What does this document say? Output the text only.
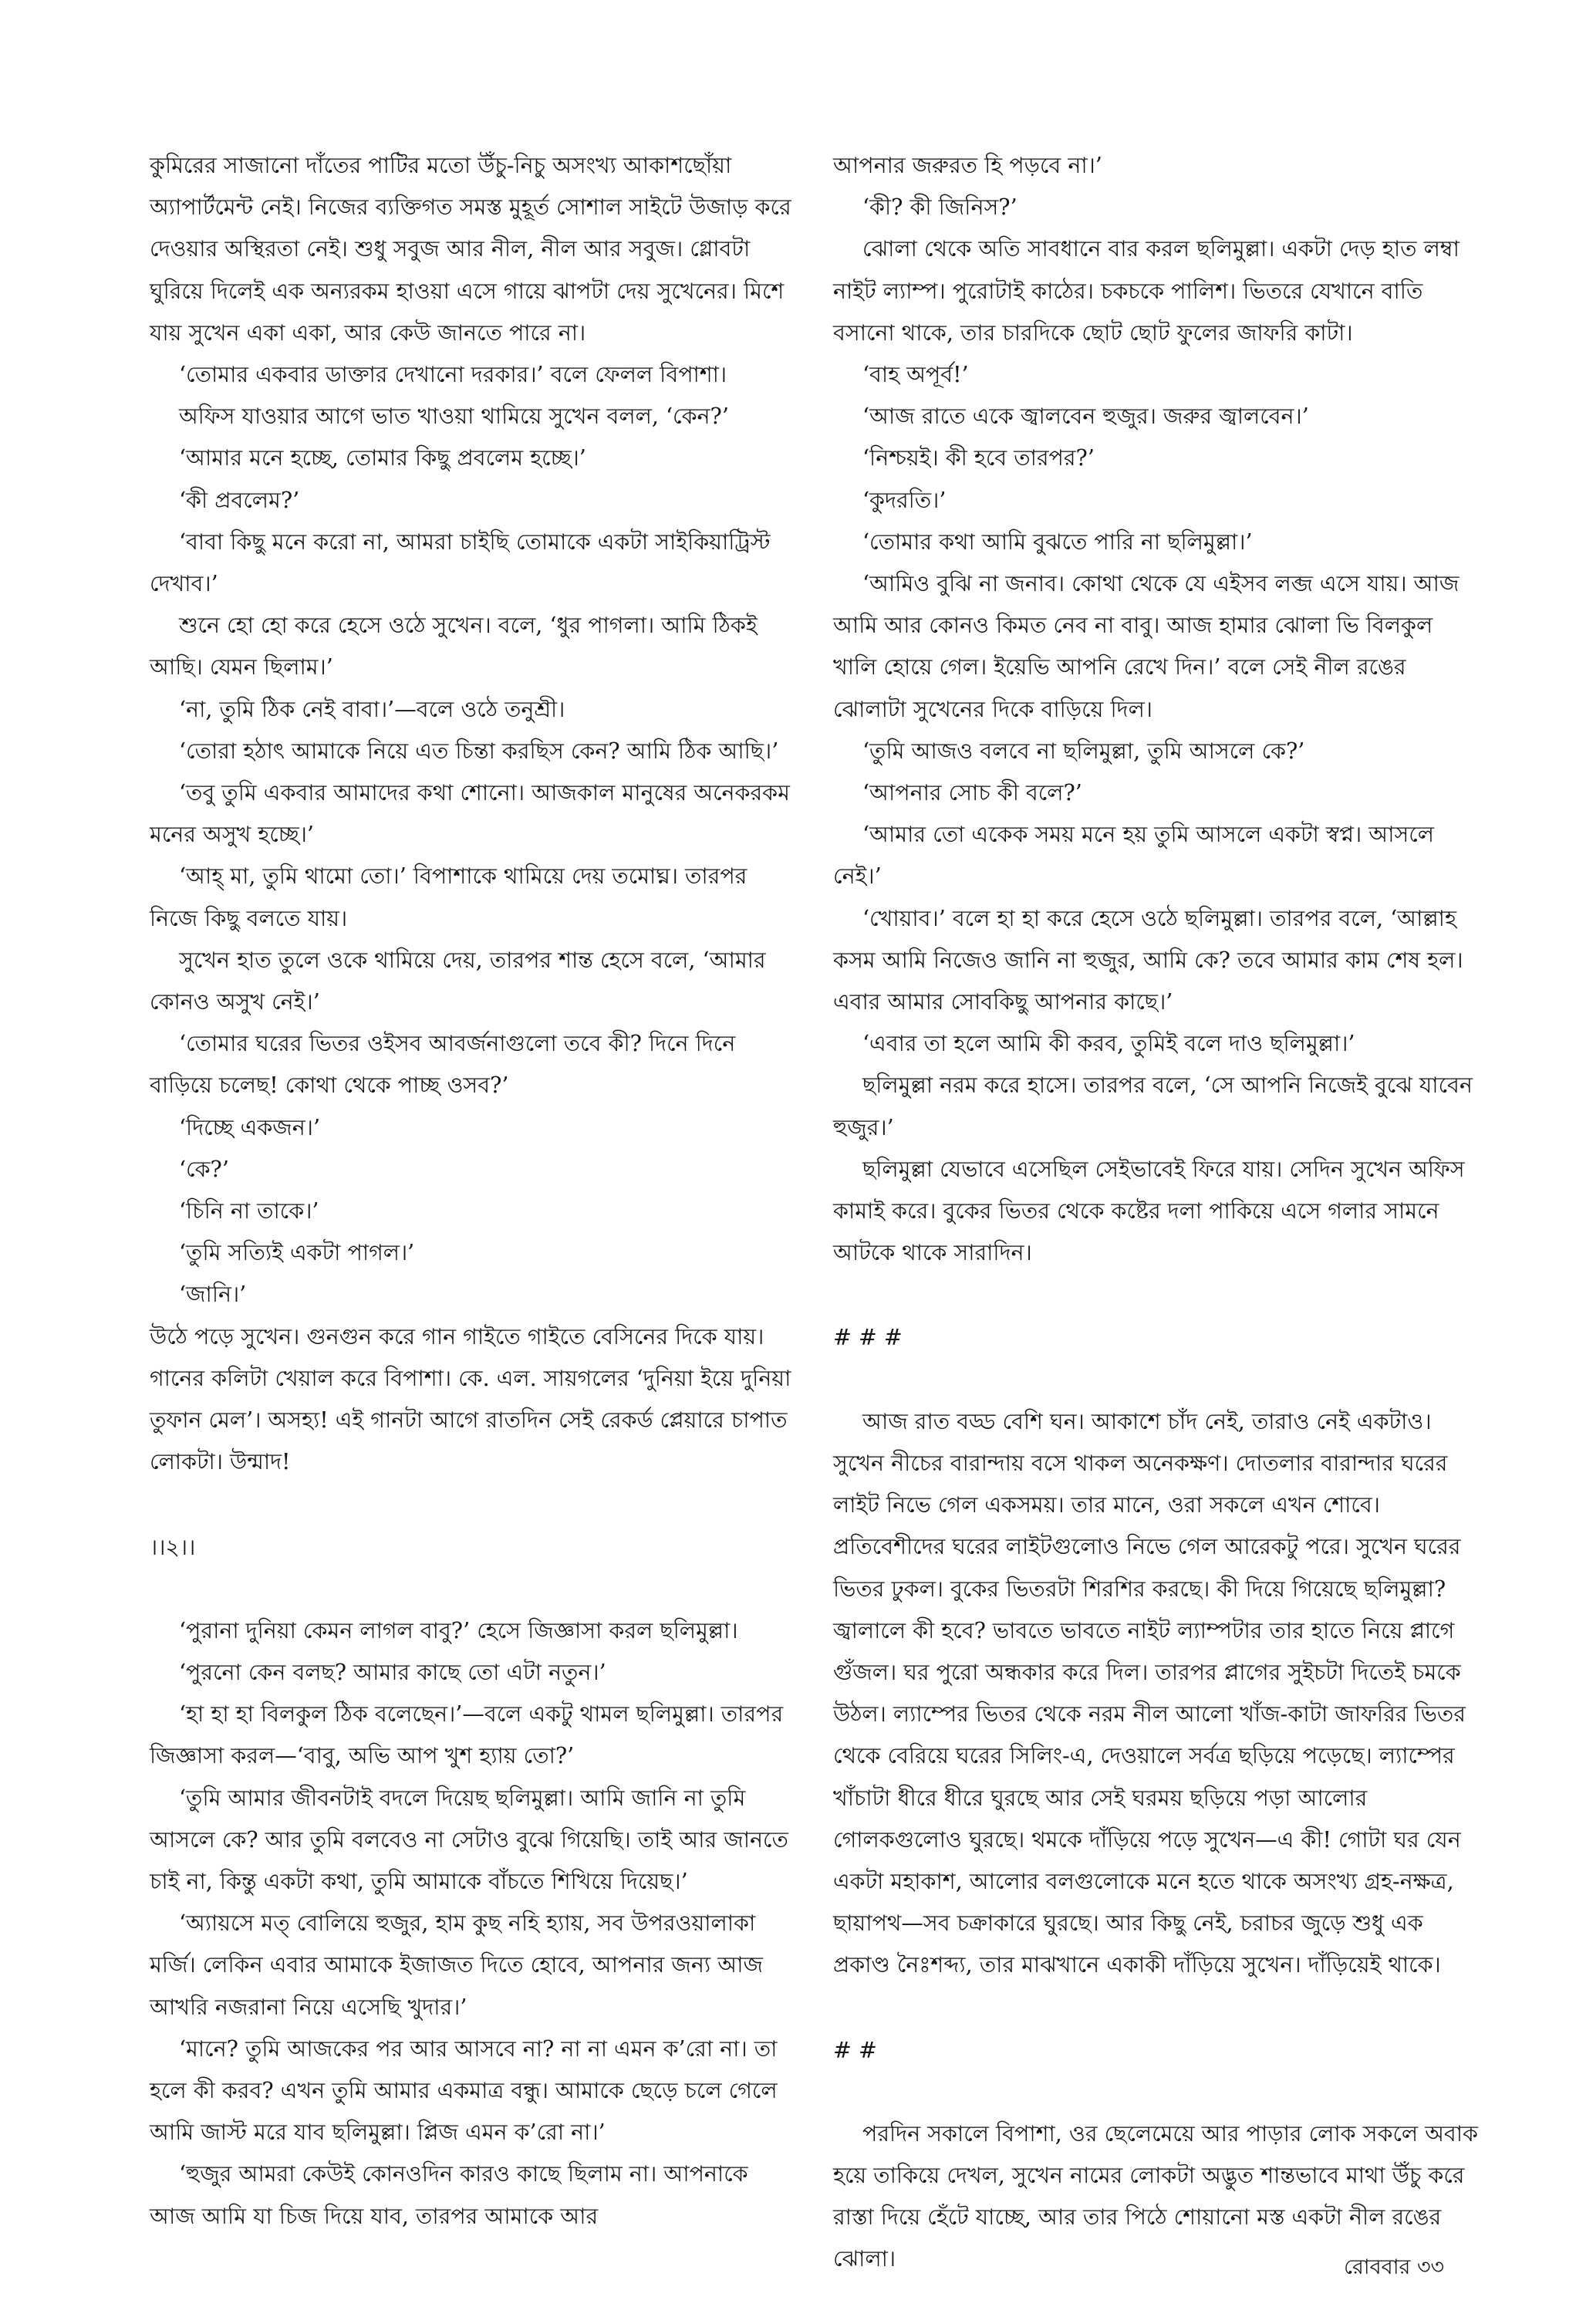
কুমিরের সাজানো দাঁতের পাটির মতো উঁচু-নিচু অসংখ্য আকাশছোঁয়া অ্যাপার্টমেন্ট নেই। নিজের ব্যক্তিগত সমস্ত মুহূর্ত সোশাল সাইটে উজাড় করে দেওয়ার অস্থিরতা নেই। শুধু সবুজ আর নীল, নীল আর সবুজ। গ্লোবটা ঘুরিয়ে দিলেই এক অন্যরকম হাওয়া এসে গায়ে ঝাপটা দেয় সুখেনের। মিশে যায় সুখেন একা একা, আর কেউ জানতে পারে না।

‘তোমার একবার ডাক্তার দেখানো দরকার।’ বলে ফেলল বিপাশা।

অফিস যাওয়ার আগে ভাত খাওয়া থামিয়ে সুখেন বলল, ‘কেন?’

‘আমার মনে হচ্ছে, তোমার কিছু প্রবলেম হচ্ছে।’

‘কী প্রবলেম?’

‘বাবা কিছু মনে করো না, আমরা চাইছি তোমাকে একটা সাইকিয়াট্রিস্ট দেখাব।’

শুনে হো হো করে হেসে ওঠে সুখেন। বলে, ‘ধুর পাগলা। আমি ঠিকই আছি। যেমন ছিলাম।’

‘না, তুমি ঠিক নেই বাবা।’—বলে ওঠে তনুশ্রী।

‘তোরা হঠাৎ আমাকে নিয়ে এত চিন্তা করছিস কেন? আমি ঠিক আছি।’

‘তবু তুমি একবার আমাদের কথা শোনো। আজকাল মানুষের অনেকরকম মনের অসুখ হচ্ছে।’

‘আহ্ মা, তুমি থামো তো।’ বিপাশাকে থামিয়ে দেয় তমোঘ্ন। তারপর নিজে কিছু বলতে যায়।

সুখেন হাত তুলে ওকে থামিয়ে দেয়, তারপর শান্ত হেসে বলে, ‘আমার কোনও অসুখ নেই।’

‘তোমার ঘরের ভিতর ওইসব আবর্জনাগুলো তবে কী? দিনে দিনে বাড়িয়ে চলেছ! কোথা থেকে পাচ্ছ ওসব?’

‘দিচ্ছে একজন।’

‘কে?’

‘চিনি না তাকে।’

‘তুমি সত্যিই একটা পাগল।’

‘জানি।’

উঠে পড়ে সুখেন। গুনগুন করে গান গাইতে গাইতে বেসিনের দিকে যায়। গানের কলিটা খেয়াল করে বিপাশা। কে. এল. সায়গলের ‘দুনিয়া ইয়ে দুনিয়া তুফান মেল’। অসহ্য! এই গানটা আগে রাতদিন সেই রেকর্ড প্লেয়ারে চাপাত লোকটা। উন্মাদ!

।।২।।

‘পুরানা দুনিয়া কেমন লাগল বাবু?’ হেসে জিজ্ঞাসা করল ছলিমুল্লা।

‘পুরনো কেন বলছ? আমার কাছে তো এটা নতুন।’

‘হা হা হা বিলকুল ঠিক বলেছেন।’—বলে একটু থামল ছলিমুল্লা। তারপর জিজ্ঞাসা করল—‘বাবু, অভি আপ খুশ হ্যায় তো?’

‘তুমি আমার জীবনটাই বদলে দিয়েছ ছলিমুল্লা। আমি জানি না তুমি আসলে কে? আর তুমি বলবেও না সেটাও বুঝে গিয়েছি। তাই আর জানতে চাই না, কিন্তু একটা কথা, তুমি আমাকে বাঁচতে শিখিয়ে দিয়েছ।’

‘অ্যায়সে মত্ বোলিয়ে হুজুর, হাম কুছ নহি হ্যায়, সব উপরওয়ালাকা মর্জি। লেকিন এবার আমাকে ইজাজত দিতে হোবে, আপনার জন্য আজ আখরি নজরানা নিয়ে এসেছি খুদার।’

‘মানে? তুমি আজকের পর আর আসবে না? না না এমন ক’রো না। তা হলে কী করব? এখন তুমি আমার একমাত্র বন্ধু। আমাকে ছেড়ে চলে গেলে আমি জাস্ট মরে যাব ছলিমুল্লা। প্লিজ এমন ক’রো না।’

‘হুজুর আমরা কেউই কোনওদিন কারও কাছে ছিলাম না। আপনাকে আজ আমি যা চিজ দিয়ে যাব, তারপর আমাকে আর

আপনার জরুরত হি পড়বে না।’

‘কী? কী জিনিস?’

ঝোলা থেকে অতি সাবধানে বার করল ছলিমুল্লা। একটা দেড় হাত লম্বা নাইট ল্যাম্প। পুরোটাই কাঠের। চকচকে পালিশ। ভিতরে যেখানে বাতি বসানো থাকে, তার চারদিকে ছোট ছোট ফুলের জাফরি কাটা।

‘বাহ অপূর্ব!’

‘আজ রাতে একে জ্বালবেন হুজুর। জরুর জ্বালবেন।’

‘নিশ্চয়ই। কী হবে তারপর?’

‘কুদরতি।’

‘তোমার কথা আমি বুঝতে পারি না ছলিমুল্লা।’

‘আমিও বুঝি না জনাব। কোথা থেকে যে এইসব লব্জ এসে যায়। আজ আমি আর কোনও কিমত নেব না বাবু। আজ হামার ঝোলা ভি বিলকুল খালি হোয়ে গেল। ইয়েভি আপনি রেখে দিন।’ বলে সেই নীল রঙের ঝোলাটা সুখেনের দিকে বাড়িয়ে দিল।

‘তুমি আজও বলবে না ছলিমুল্লা, তুমি আসলে কে?’

‘আপনার সোচ কী বলে?’

‘আমার তো একেক সময় মনে হয় তুমি আসলে একটা স্বপ্ন। আসলে নেই।’

‘খোয়াব।’ বলে হা হা করে হেসে ওঠে ছলিমুল্লা। তারপর বলে, ‘আল্লাহ কসম আমি নিজেও জানি না হুজুর, আমি কে? তবে আমার কাম শেষ হল। এবার আমার সোবকিছু আপনার কাছে।’

‘এবার তা হলে আমি কী করব, তুমিই বলে দাও ছলিমুল্লা।’

ছলিমুল্লা নরম করে হাসে। তারপর বলে, ‘সে আপনি নিজেই বুঝে যাবেন হুজুর।’

ছলিমুল্লা যেভাবে এসেছিল সেইভাবেই ফিরে যায়। সেদিন সুখেন অফিস কামাই করে। বুকের ভিতর থেকে কষ্টের দলা পাকিয়ে এসে গলার সামনে আটকে থাকে সারাদিন।

# # #

আজ রাত বড্ড বেশি ঘন। আকাশে চাঁদ নেই, তারাও নেই একটাও। সুখেন নীচের বারান্দায় বসে থাকল অনেকক্ষণ। দোতলার বারান্দার ঘরের লাইট নিভে গেল একসময়। তার মানে, ওরা সকলে এখন শোবে। প্রতিবেশীদের ঘরের লাইটগুলোও নিভে গেল আরেকটু পরে। সুখেন ঘরের ভিতর ঢুকল। বুকের ভিতরটা শিরশির করছে। কী দিয়ে গিয়েছে ছলিমুল্লা? জ্বালালে কী হবে? ভাবতে ভাবতে নাইট ল্যাম্পটার তার হাতে নিয়ে প্লাগে গুঁজল। ঘর পুরো অন্ধকার করে দিল। তারপর প্লাগের সুইচটা দিতেই চমকে উঠল। ল্যাম্পের ভিতর থেকে নরম নীল আলো খাঁজ-কাটা জাফরির ভিতর থেকে বেরিয়ে ঘরের সিলিং-এ, দেওয়ালে সর্বত্র ছড়িয়ে পড়েছে। ল্যাম্পের খাঁচাটা ধীরে ধীরে ঘুরছে আর সেই ঘরময় ছড়িয়ে পড়া আলোর গোলকগুলোও ঘুরছে। থমকে দাঁড়িয়ে পড়ে সুখেন—এ কী! গোটা ঘর যেন একটা মহাকাশ, আলোর বলগুলোকে মনে হতে থাকে অসংখ্য গ্রহ-নক্ষত্র, ছায়াপথ—সব চক্রাকারে ঘুরছে। আর কিছু নেই, চরাচর জুড়ে শুধু এক প্রকাণ্ড নৈঃশব্দ্য, তার মাঝখানে একাকী দাঁড়িয়ে সুখেন। দাঁড়িয়েই থাকে।

# #

পরদিন সকালে বিপাশা, ওর ছেলেমেয়ে আর পাড়ার লোক সকলে অবাক হয়ে তাকিয়ে দেখল, সুখেন নামের লোকটা অদ্ভুত শান্তভাবে মাথা উঁচু করে রাস্তা দিয়ে হেঁটে যাচ্ছে, আর তার পিঠে শোয়ানো মস্ত একটা নীল রঙের ঝোলা।	রোববার ৩৩
